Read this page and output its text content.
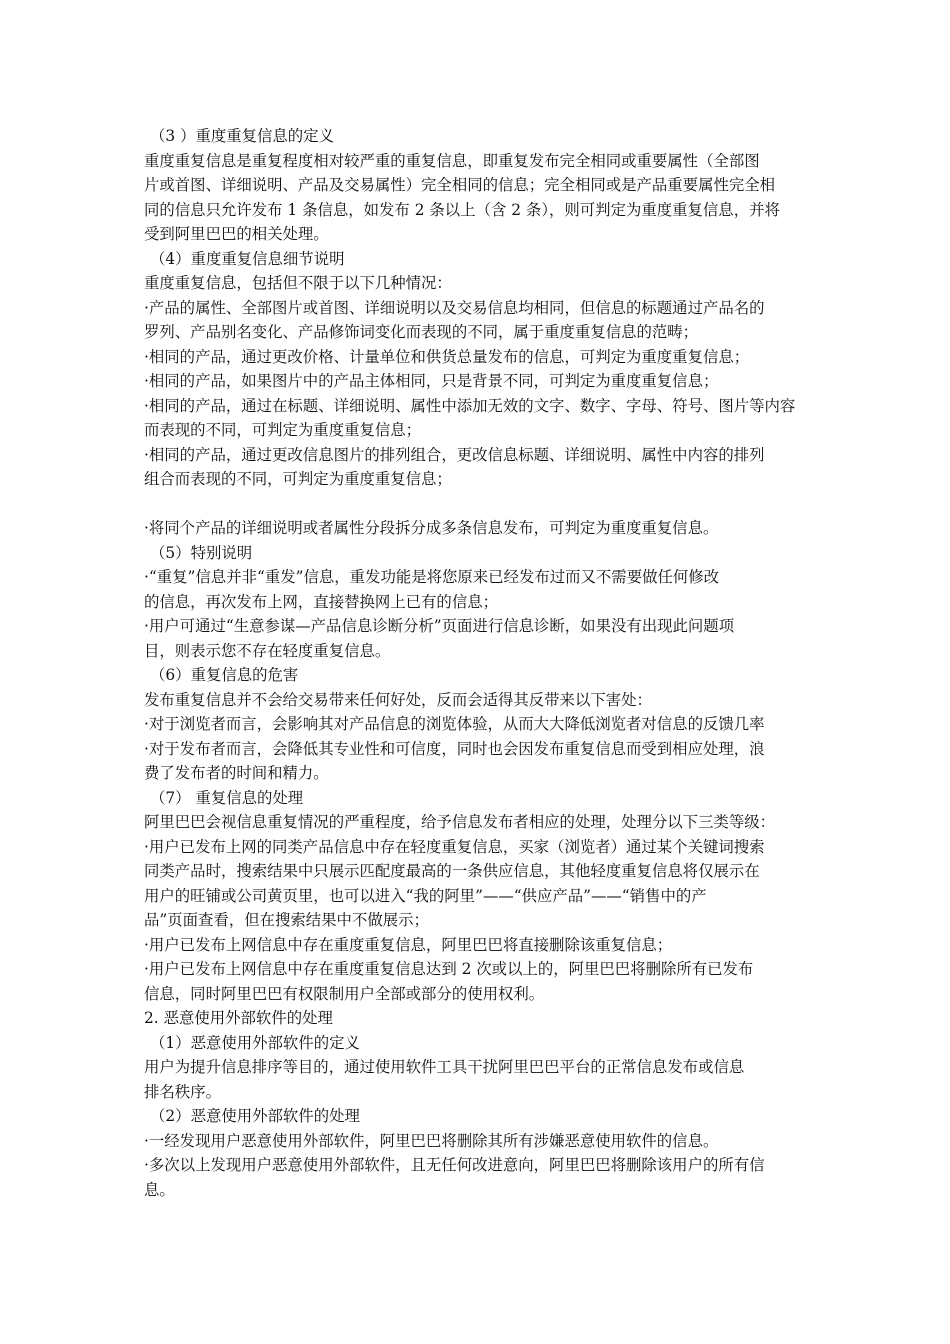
（3 ）重度重复信息的定义
重度重复信息是重复程度相对较严重的重复信息，即重复发布完全相同或重要属性（全部图
片或首图、详细说明、产品及交易属性）完全相同的信息；完全相同或是产品重要属性完全相
同的信息只允许发布 1 条信息，如发布 2 条以上（含 2 条），则可判定为重度重复信息，并将
受到阿里巴巴的相关处理。
（4）重度重复信息细节说明
重度重复信息，包括但不限于以下几种情况：
·产品的属性、全部图片或首图、详细说明以及交易信息均相同，但信息的标题通过产品名的
罗列、产品别名变化、产品修饰词变化而表现的不同，属于重度重复信息的范畴；
·相同的产品，通过更改价格、计量单位和供货总量发布的信息，可判定为重度重复信息；
·相同的产品，如果图片中的产品主体相同，只是背景不同，可判定为重度重复信息；
·相同的产品，通过在标题、详细说明、属性中添加无效的文字、数字、字母、符号、图片等内容
而表现的不同，可判定为重度重复信息；
·相同的产品，通过更改信息图片的排列组合，更改信息标题、详细说明、属性中内容的排列
组合而表现的不同，可判定为重度重复信息；
·将同个产品的详细说明或者属性分段拆分成多条信息发布，可判定为重度重复信息。
（5）特别说明
·“重复”信息并非“重发”信息，重发功能是将您原来已经发布过而又不需要做任何修改
的信息，再次发布上网，直接替换网上已有的信息；
·用户可通过“生意参谋—产品信息诊断分析”页面进行信息诊断，如果没有出现此问题项
目，则表示您不存在轻度重复信息。
（6）重复信息的危害
发布重复信息并不会给交易带来任何好处，反而会适得其反带来以下害处：
·对于浏览者而言，会影响其对产品信息的浏览体验，从而大大降低浏览者对信息的反馈几率
·对于发布者而言，会降低其专业性和可信度，同时也会因发布重复信息而受到相应处理，浪
费了发布者的时间和精力。
（7） 重复信息的处理
阿里巴巴会视信息重复情况的严重程度，给予信息发布者相应的处理，处理分以下三类等级：
·用户已发布上网的同类产品信息中存在轻度重复信息，买家（浏览者）通过某个关键词搜索
同类产品时，搜索结果中只展示匹配度最高的一条供应信息，其他轻度重复信息将仅展示在
用户的旺铺或公司黄页里，也可以进入“我的阿里”——“供应产品”——“销售中的产
品”页面查看，但在搜索结果中不做展示；
·用户已发布上网信息中存在重度重复信息，阿里巴巴将直接删除该重复信息；
·用户已发布上网信息中存在重度重复信息达到 2 次或以上的，阿里巴巴将删除所有已发布
信息，同时阿里巴巴有权限制用户全部或部分的使用权利。
2. 恶意使用外部软件的处理
（1）恶意使用外部软件的定义
用户为提升信息排序等目的，通过使用软件工具干扰阿里巴巴平台的正常信息发布或信息
排名秩序。
（2）恶意使用外部软件的处理
·一经发现用户恶意使用外部软件，阿里巴巴将删除其所有涉嫌恶意使用软件的信息。
·多次以上发现用户恶意使用外部软件，且无任何改进意向，阿里巴巴将删除该用户的所有信
息。
